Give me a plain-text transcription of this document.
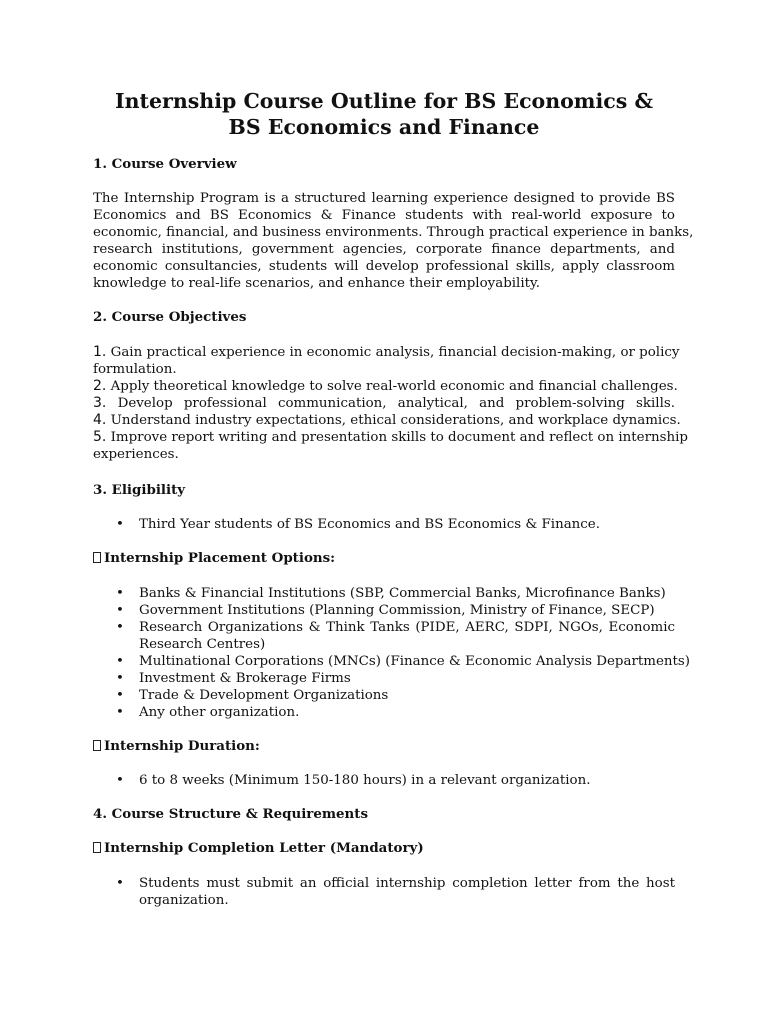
Internship Course Outline for BS Economics &
BS Economics and Finance
1. Course Overview
The Internship Program is a structured learning experience designed to provide BS
Economics and BS Economics & Finance students with real-world exposure to
economic, financial, and business environments. Through practical experience in banks,
research institutions, government agencies, corporate finance departments, and
economic consultancies, students will develop professional skills, apply classroom
knowledge to real-life scenarios, and enhance their employability.
2. Course Objectives
1. Gain practical experience in economic analysis, financial decision-making, or policy
formulation.
2. Apply theoretical knowledge to solve real-world economic and financial challenges.
3. Develop professional communication, analytical, and problem-solving skills.
4. Understand industry expectations, ethical considerations, and workplace dynamics.
5. Improve report writing and presentation skills to document and reflect on internship
experiences.
3. Eligibility
• Third Year students of BS Economics and BS Economics & Finance.
Internship Placement Options:
• Banks & Financial Institutions (SBP, Commercial Banks, Microfinance Banks)
• Government Institutions (Planning Commission, Ministry of Finance, SECP)
• Research Organizations & Think Tanks (PIDE, AERC, SDPI, NGOs, Economic
Research Centres)
• Multinational Corporations (MNCs) (Finance & Economic Analysis Departments)
• Investment & Brokerage Firms
• Trade & Development Organizations
• Any other organization.
Internship Duration:
• 6 to 8 weeks (Minimum 150-180 hours) in a relevant organization.
4. Course Structure & Requirements
Internship Completion Letter (Mandatory)
• Students must submit an official internship completion letter from the host
organization.
